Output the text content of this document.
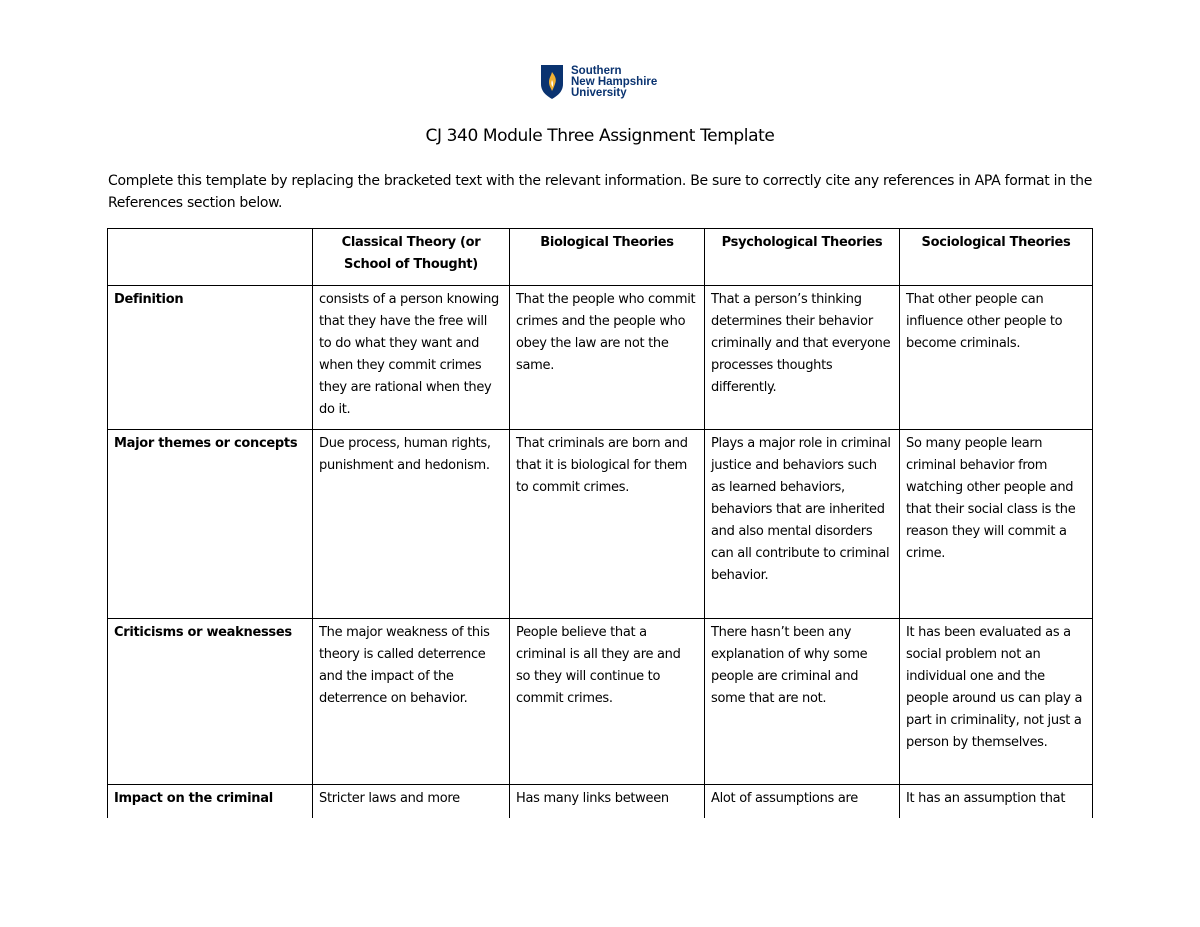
Southern
New Hampshire
University
CJ 340 Module Three Assignment Template
Complete this template by replacing the bracketed text with the relevant information. Be sure to correctly cite any references in APA format in the References section below.
	Classical Theory (or School of Thought)	Biological Theories	Psychological Theories	Sociological Theories
Definition	consists of a person knowing that they have the free will to do what they want and when they commit crimes they are rational when they do it.	That the people who commit crimes and the people who obey the law are not the same.	That a person’s thinking determines their behavior criminally and that everyone processes thoughts differently.	That other people can influence other people to become criminals.
Major themes or concepts	Due process, human rights, punishment and hedonism.	That criminals are born and that it is biological for them to commit crimes.	Plays a major role in criminal justice and behaviors such as learned behaviors, behaviors that are inherited and also mental disorders can all contribute to criminal behavior.	So many people learn criminal behavior from watching other people and that their social class is the reason they will commit a crime.
Criticisms or weaknesses	The major weakness of this theory is called deterrence and the impact of the deterrence on behavior.	People believe that a criminal is all they are and so they will continue to commit crimes.	There hasn’t been any explanation of why some people are criminal and some that are not.	It has been evaluated as a social problem not an individual one and the people around us can play a part in criminality, not just a person by themselves.
Impact on the criminal	Stricter laws and more	Has many links between	Alot of assumptions are	It has an assumption that
